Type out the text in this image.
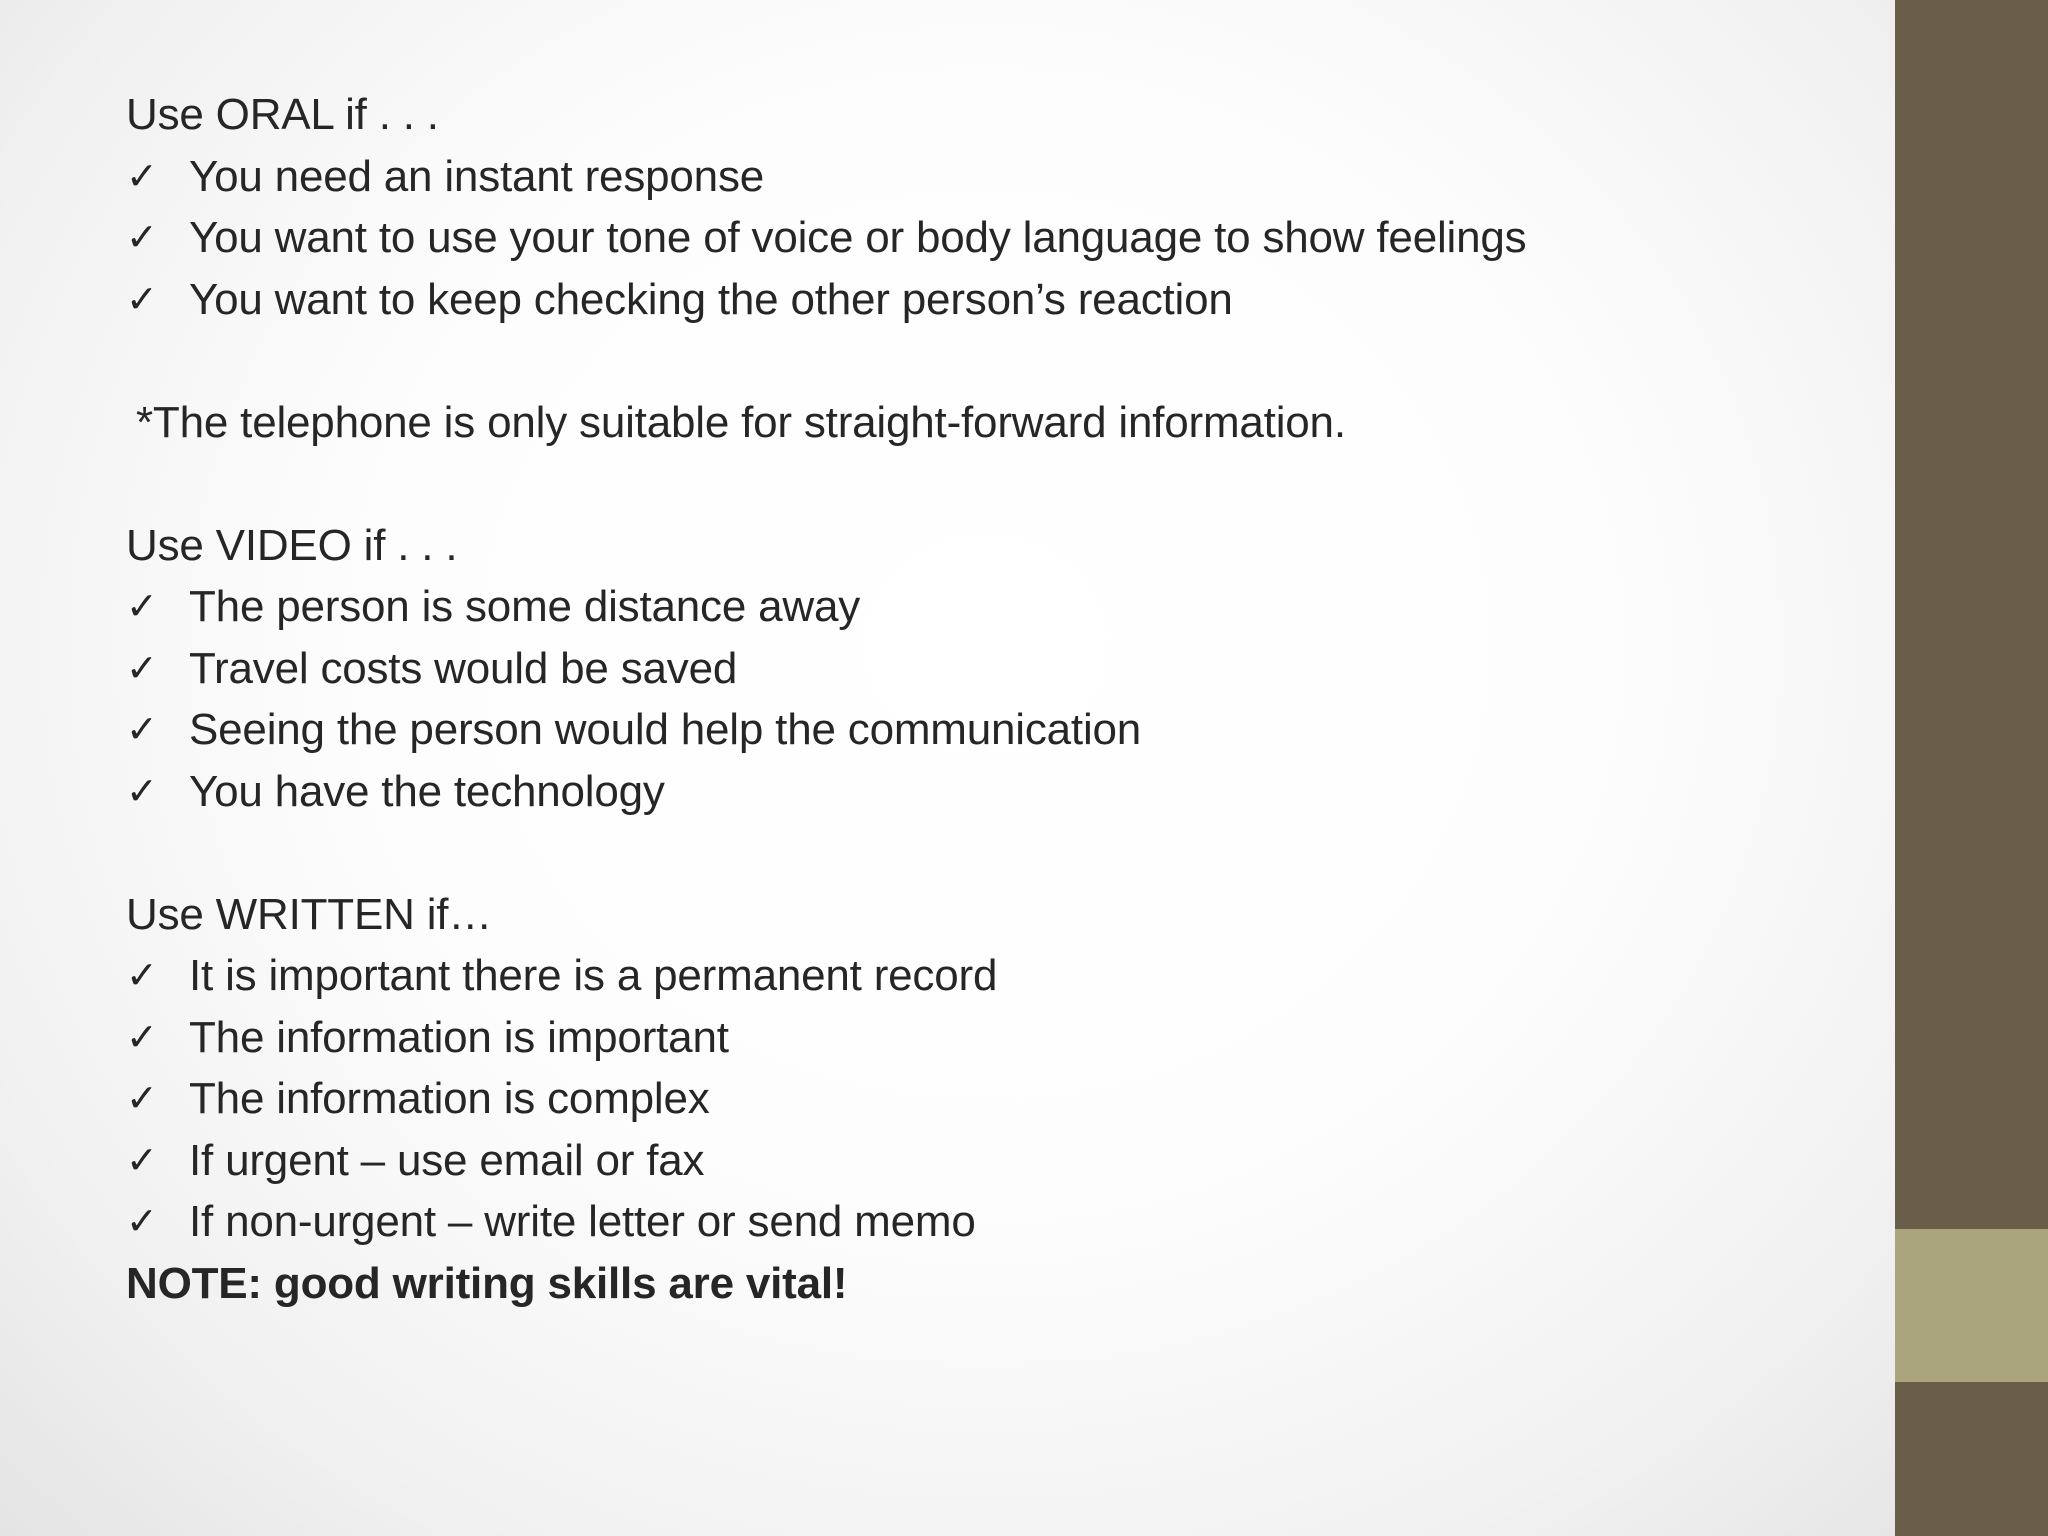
Use ORAL if . . .
✓ You need an instant response
✓ You want to use your tone of voice or body language to show feelings
✓ You want to keep checking the other person’s reaction
*The telephone is only suitable for straight-forward information.
Use VIDEO if . . .
✓ The person is some distance away
✓ Travel costs would be saved
✓ Seeing the person would help the communication
✓ You have the technology
Use WRITTEN if…
✓ It is important there is a permanent record
✓ The information is important
✓ The information is complex
✓ If urgent – use email or fax
✓ If non-urgent – write letter or send memo
NOTE: good writing skills are vital!
